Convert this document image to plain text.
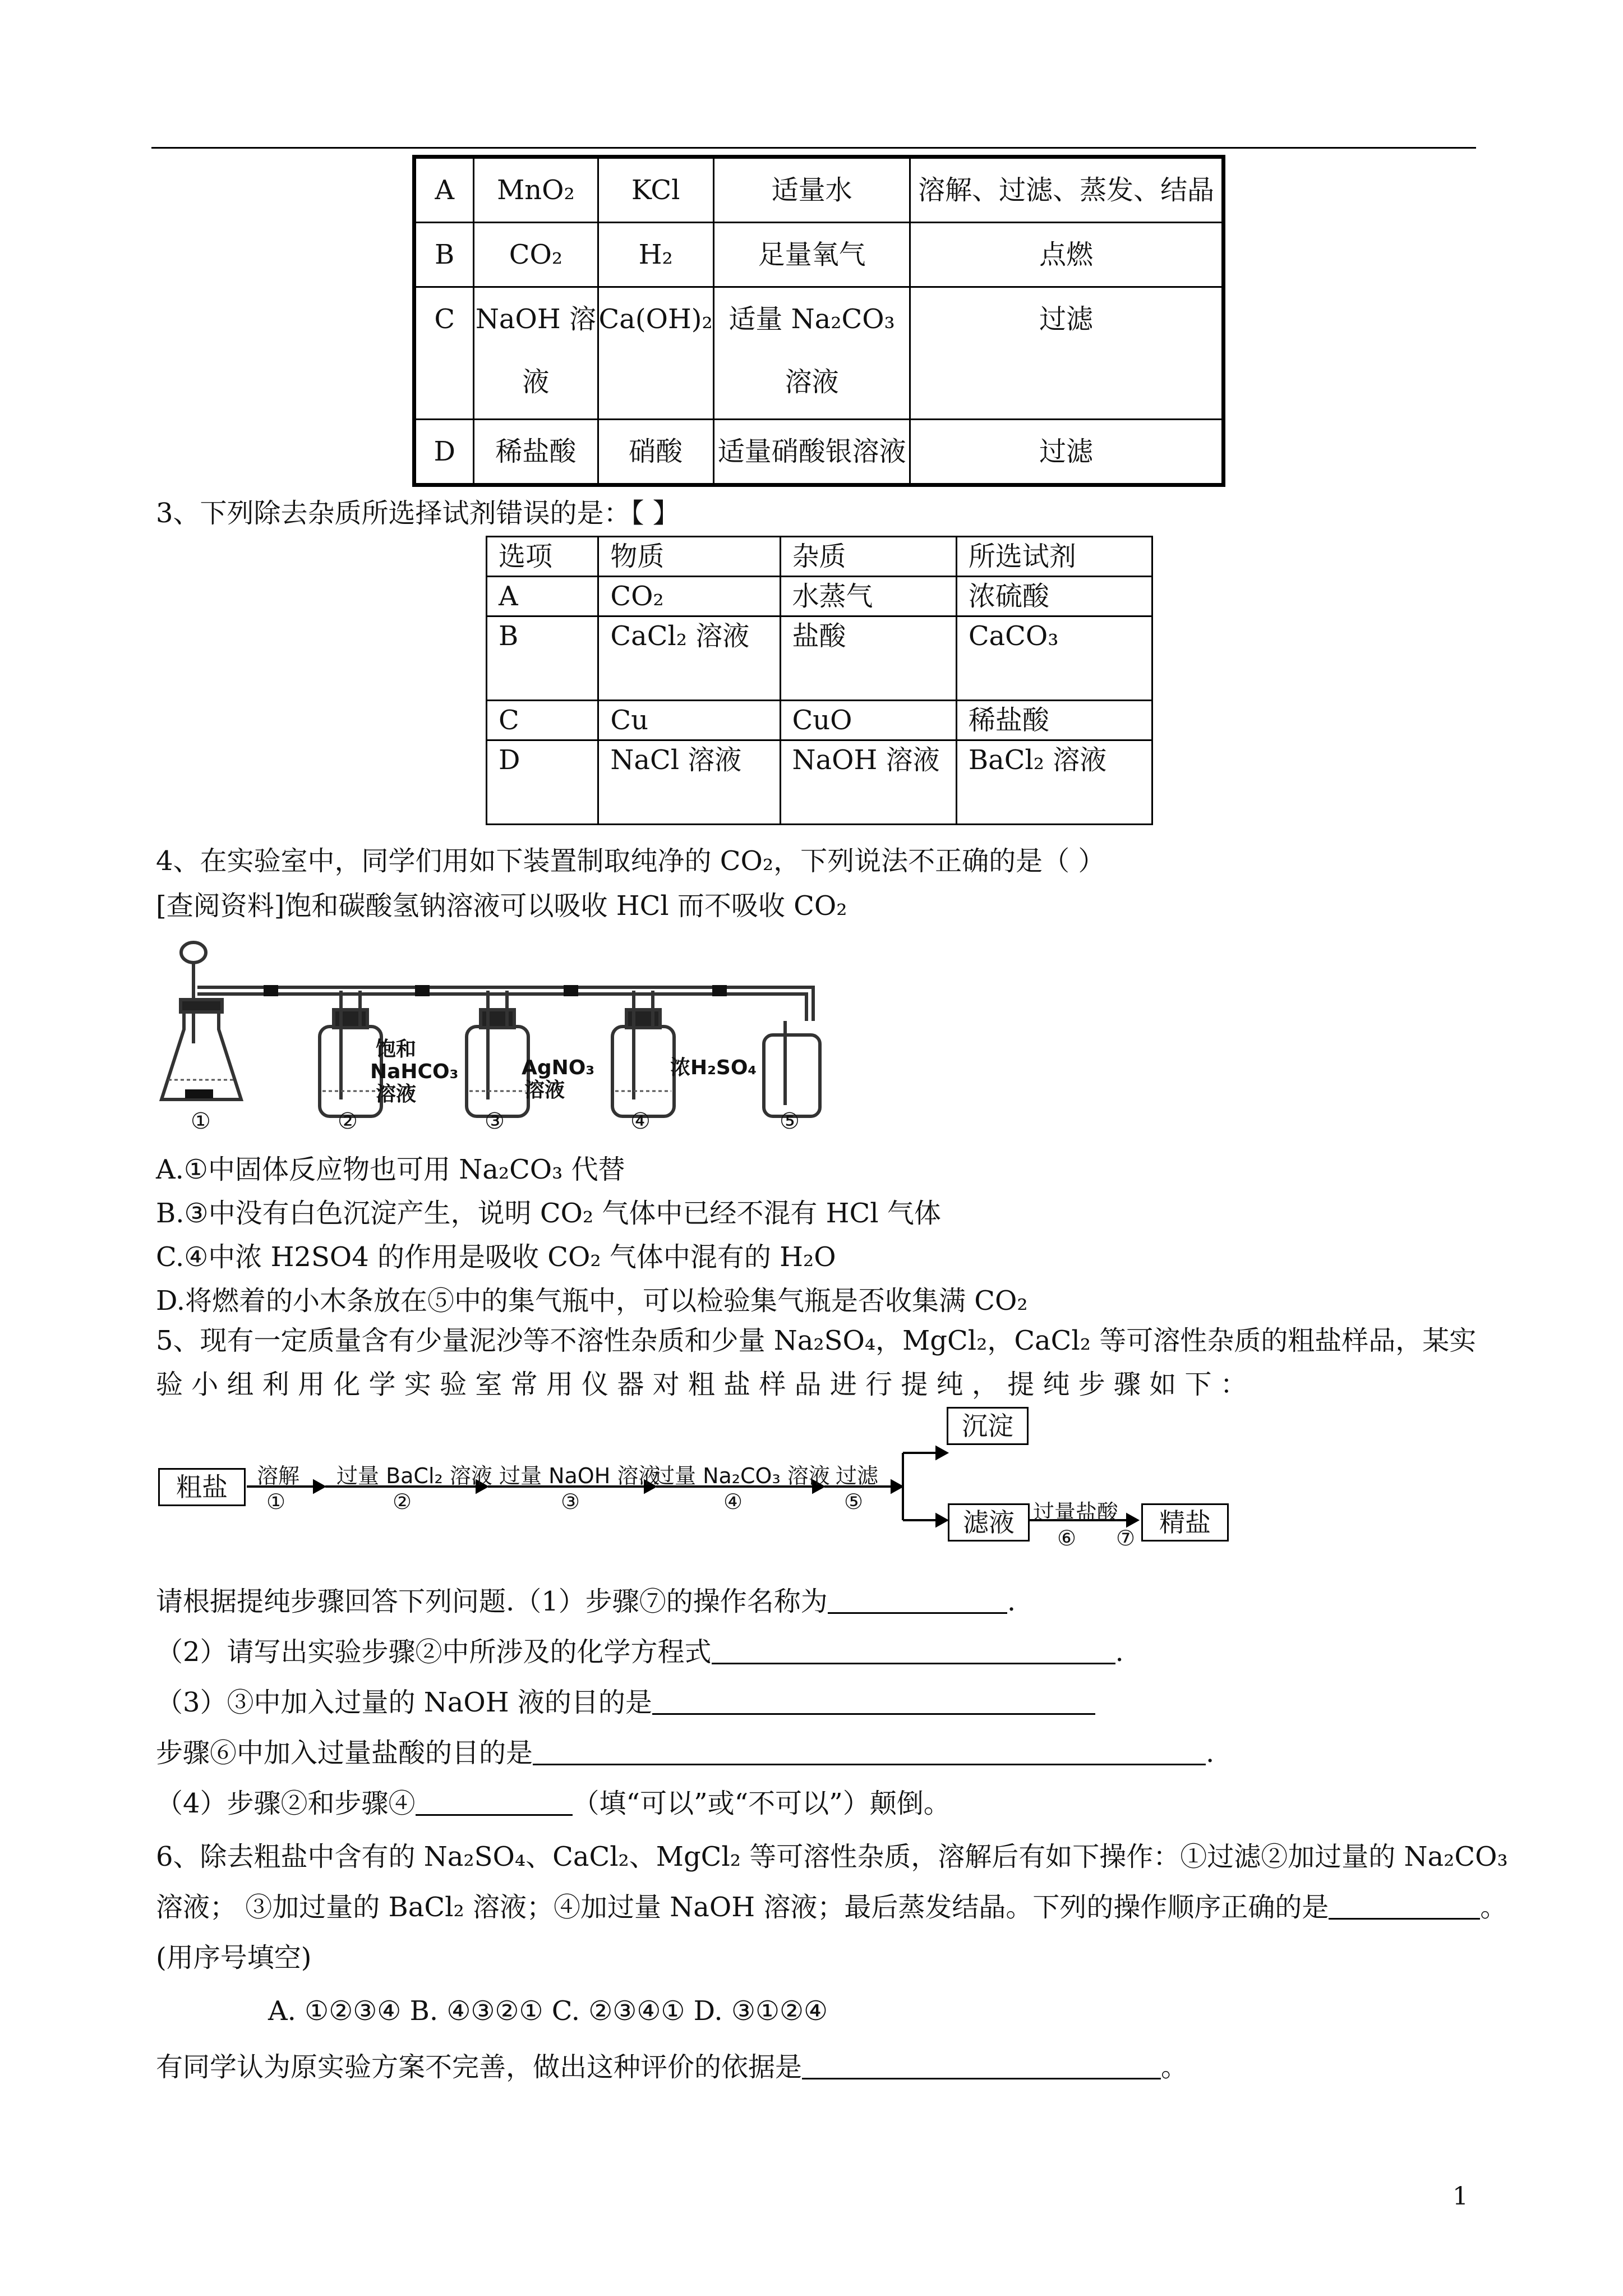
A	MnO₂	KCl	适量水	溶解、过滤、蒸发、结晶
B	CO₂	H₂	足量氧气	点燃
C	NaOH 溶液	Ca(OH)₂	适量 Na₂CO₃ 溶液	过滤
D	稀盐酸	硝酸	适量硝酸银溶液	过滤
3、下列除去杂质所选择试剂错误的是：【 】
选项	物质	杂质	所选试剂
A	CO₂	水蒸气	浓硫酸
B	CaCl₂ 溶液	盐酸	CaCO₃
C	Cu	CuO	稀盐酸
D	NaCl 溶液	NaOH 溶液	BaCl₂ 溶液
4、在实验室中，同学们用如下装置制取纯净的 CO₂，下列说法不正确的是（ ）
[查阅资料]饱和碳酸氢钠溶液可以吸收 HCl 而不吸收 CO₂
饱和 NaHCO₃ 溶液
AgNO₃ 溶液
浓H₂SO₄
①	②	③	④	⑤
A.①中固体反应物也可用 Na₂CO₃ 代替
B.③中没有白色沉淀产生，说明 CO₂ 气体中已经不混有 HCl 气体
C.④中浓 H2SO4 的作用是吸收 CO₂ 气体中混有的 H₂O
D.将燃着的小木条放在⑤中的集气瓶中，可以检验集气瓶是否收集满 CO₂
5、现有一定质量含有少量泥沙等不溶性杂质和少量 Na₂SO₄，MgCl₂，CaCl₂ 等可溶性杂质的粗盐样品，某实
验 小 组 利 用 化 学 实 验 室 常 用 仪 器 对 粗 盐 样 品 进 行 提 纯 ， 提 纯 步 骤 如 下 ：
粗盐
沉淀
滤液	精盐
溶解
①
过量 BaCl₂ 溶液
②
过量 NaOH 溶液
③
过量 Na₂CO₃ 溶液
④
过滤
⑤	过量盐酸
⑥ ⑦
请根据提纯步骤回答下列问题.（1）步骤⑦的操作名称为	.
（2）请写出实验步骤②中所涉及的化学方程式	.
（3）③中加入过量的 NaOH 液的目的是
步骤⑥中加入过量盐酸的目的是	.
（4）步骤②和步骤④	（填“可以”或“不可以”）颠倒。
6、除去粗盐中含有的 Na₂SO₄、CaCl₂、MgCl₂ 等可溶性杂质，溶解后有如下操作：①过滤②加过量的 Na₂CO₃
溶液； ③加过量的 BaCl₂ 溶液；④加过量 NaOH 溶液；最后蒸发结晶。下列的操作顺序正确的是	。
(用序号填空)
A. ①②③④ B. ④③②① C. ②③④① D. ③①②④
有同学认为原实验方案不完善，做出这种评价的依据是	。
1
